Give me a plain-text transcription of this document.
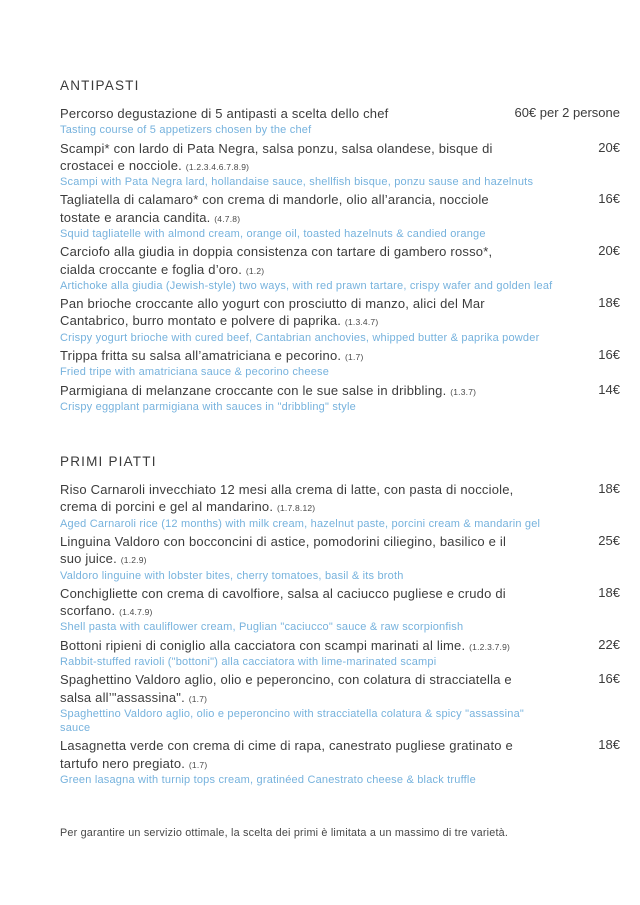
ANTIPASTI
Percorso degustazione di 5 antipasti a scelta dello chef
Tasting course of 5 appetizers chosen by the chef
60€ per 2 persone
Scampi* con lardo di Pata Negra, salsa ponzu, salsa olandese, bisque di crostacei e nocciole. (1.2.3.4.6.7.8.9)
Scampi with Pata Negra lard, hollandaise sauce, shellfish bisque, ponzu sause and hazelnuts
20€
Tagliatella di calamaro* con crema di mandorle, olio all’arancia, nocciole tostate e arancia candita. (4.7.8)
Squid tagliatelle with almond cream, orange oil, toasted hazelnuts & candied orange
16€
Carciofo alla giudia in doppia consistenza con tartare di gambero rosso*, cialda croccante e foglia d’oro. (1.2)
Artichoke alla giudia (Jewish-style) two ways, with red prawn tartare, crispy wafer and golden leaf
20€
Pan brioche croccante allo yogurt con prosciutto di manzo, alici del Mar Cantabrico, burro montato e polvere di paprika. (1.3.4.7)
Crispy yogurt brioche with cured beef, Cantabrian anchovies, whipped butter & paprika powder
18€
Trippa fritta su salsa all’amatriciana e pecorino. (1.7)
Fried tripe with amatriciana sauce & pecorino cheese
16€
Parmigiana di melanzane croccante con le sue salse in dribbling. (1.3.7)
Crispy eggplant parmigiana with sauces in "dribbling" style
14€
PRIMI PIATTI
Riso Carnaroli invecchiato 12 mesi alla crema di latte, con pasta di nocciole, crema di porcini e gel al mandarino. (1.7.8.12)
Aged Carnaroli rice (12 months) with milk cream, hazelnut paste, porcini cream & mandarin gel
18€
Linguina Valdoro con bocconcini di astice, pomodorini ciliegino, basilico e il suo juice. (1.2.9)
Valdoro linguine with lobster bites, cherry tomatoes, basil & its broth
25€
Conchigliette con crema di cavolfiore, salsa al caciucco pugliese e crudo di scorfano. (1.4.7.9)
Shell pasta with cauliflower cream, Puglian "caciucco" sauce & raw scorpionfish
18€
Bottoni ripieni di coniglio alla cacciatora con scampi marinati al lime. (1.2.3.7.9)
Rabbit-stuffed ravioli ("bottoni") alla cacciatora with lime-marinated scampi
22€
Spaghettino Valdoro aglio, olio e peperoncino, con colatura di stracciatella e salsa all’"assassina". (1.7)
Spaghettino Valdoro aglio, olio e peperoncino with stracciatella colatura & spicy "assassina" sauce
16€
Lasagnetta verde con crema di cime di rapa, canestrato pugliese gratinato e tartufo nero pregiato. (1.7)
Green lasagna with turnip tops cream, gratinéed Canestrato cheese & black truffle
18€
Per garantire un servizio ottimale, la scelta dei primi è limitata a un massimo di tre varietà.
